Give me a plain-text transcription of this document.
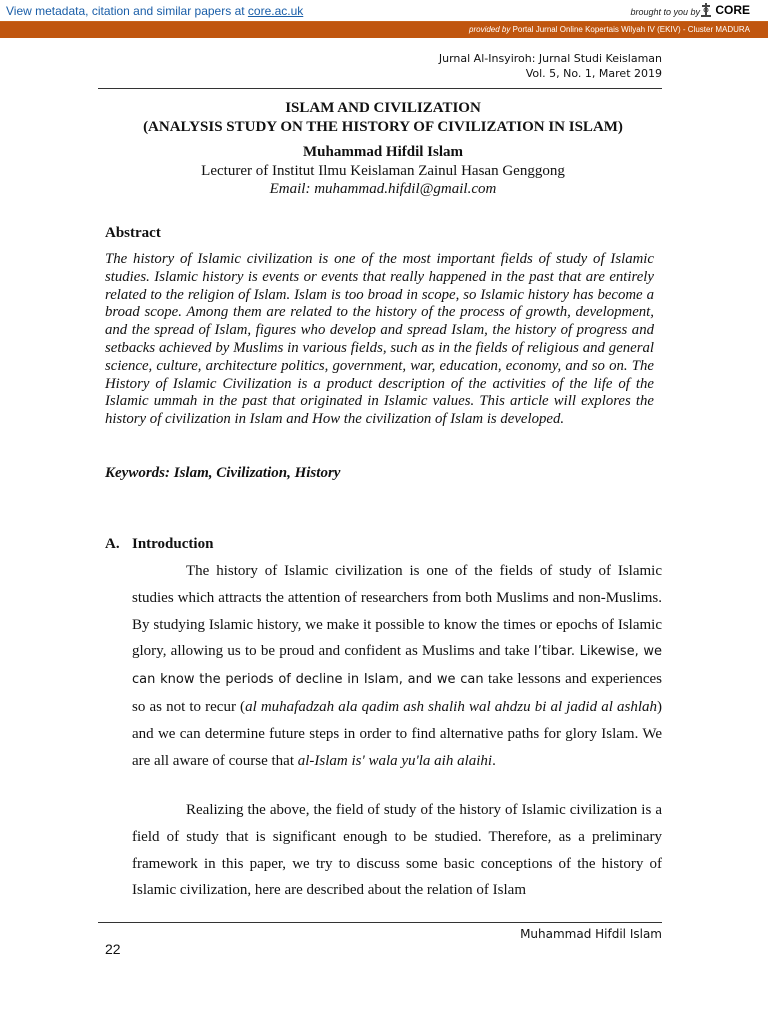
View metadata, citation and similar papers at core.ac.uk	brought to you by CORE
provided by Portal Jurnal Online Kopertais Wilyah IV (EKIV) - Cluster MADURA
Jurnal Al-Insyiroh: Jurnal Studi Keislaman
Vol. 5, No. 1, Maret 2019
ISLAM AND CIVILIZATION
(ANALYSIS STUDY ON THE HISTORY OF CIVILIZATION IN ISLAM)
Muhammad Hifdil Islam
Lecturer of Institut Ilmu Keislaman Zainul Hasan Genggong
Email: muhammad.hifdil@gmail.com
Abstract
The history of Islamic civilization is one of the most important fields of study of Islamic studies. Islamic history is events or events that really happened in the past that are entirely related to the religion of Islam. Islam is too broad in scope, so Islamic history has become a broad scope. Among them are related to the history of the process of growth, development, and the spread of Islam, figures who develop and spread Islam, the history of progress and setbacks achieved by Muslims in various fields, such as in the fields of religious and general science, culture, architecture politics, government, war, education, economy, and so on. The History of Islamic Civilization is a product description of the activities of the life of the Islamic ummah in the past that originated in Islamic values. This article will explores the history of civilization in Islam and How the civilization of Islam is developed.
Keywords: Islam, Civilization, History
A. Introduction

The history of Islamic civilization is one of the fields of study of Islamic studies which attracts the attention of researchers from both Muslims and non-Muslims. By studying Islamic history, we make it possible to know the times or epochs of Islamic glory, allowing us to be proud and confident as Muslims and take I’tibar. Likewise, we can know the periods of decline in Islam, and we can take lessons and experiences so as not to recur (al muhafadzah ala qadim ash shalih wal ahdzu bi al jadid al ashlah) and we can determine future steps in order to find alternative paths for glory Islam. We are all aware of course that al-Islam is' wala yu'la aih alaihi.

Realizing the above, the field of study of the history of Islamic civilization is a field of study that is significant enough to be studied. Therefore, as a preliminary framework in this paper, we try to discuss some basic conceptions of the history of Islamic civilization, here are described about the relation of Islam

Muhammad Hifdil Islam
22
